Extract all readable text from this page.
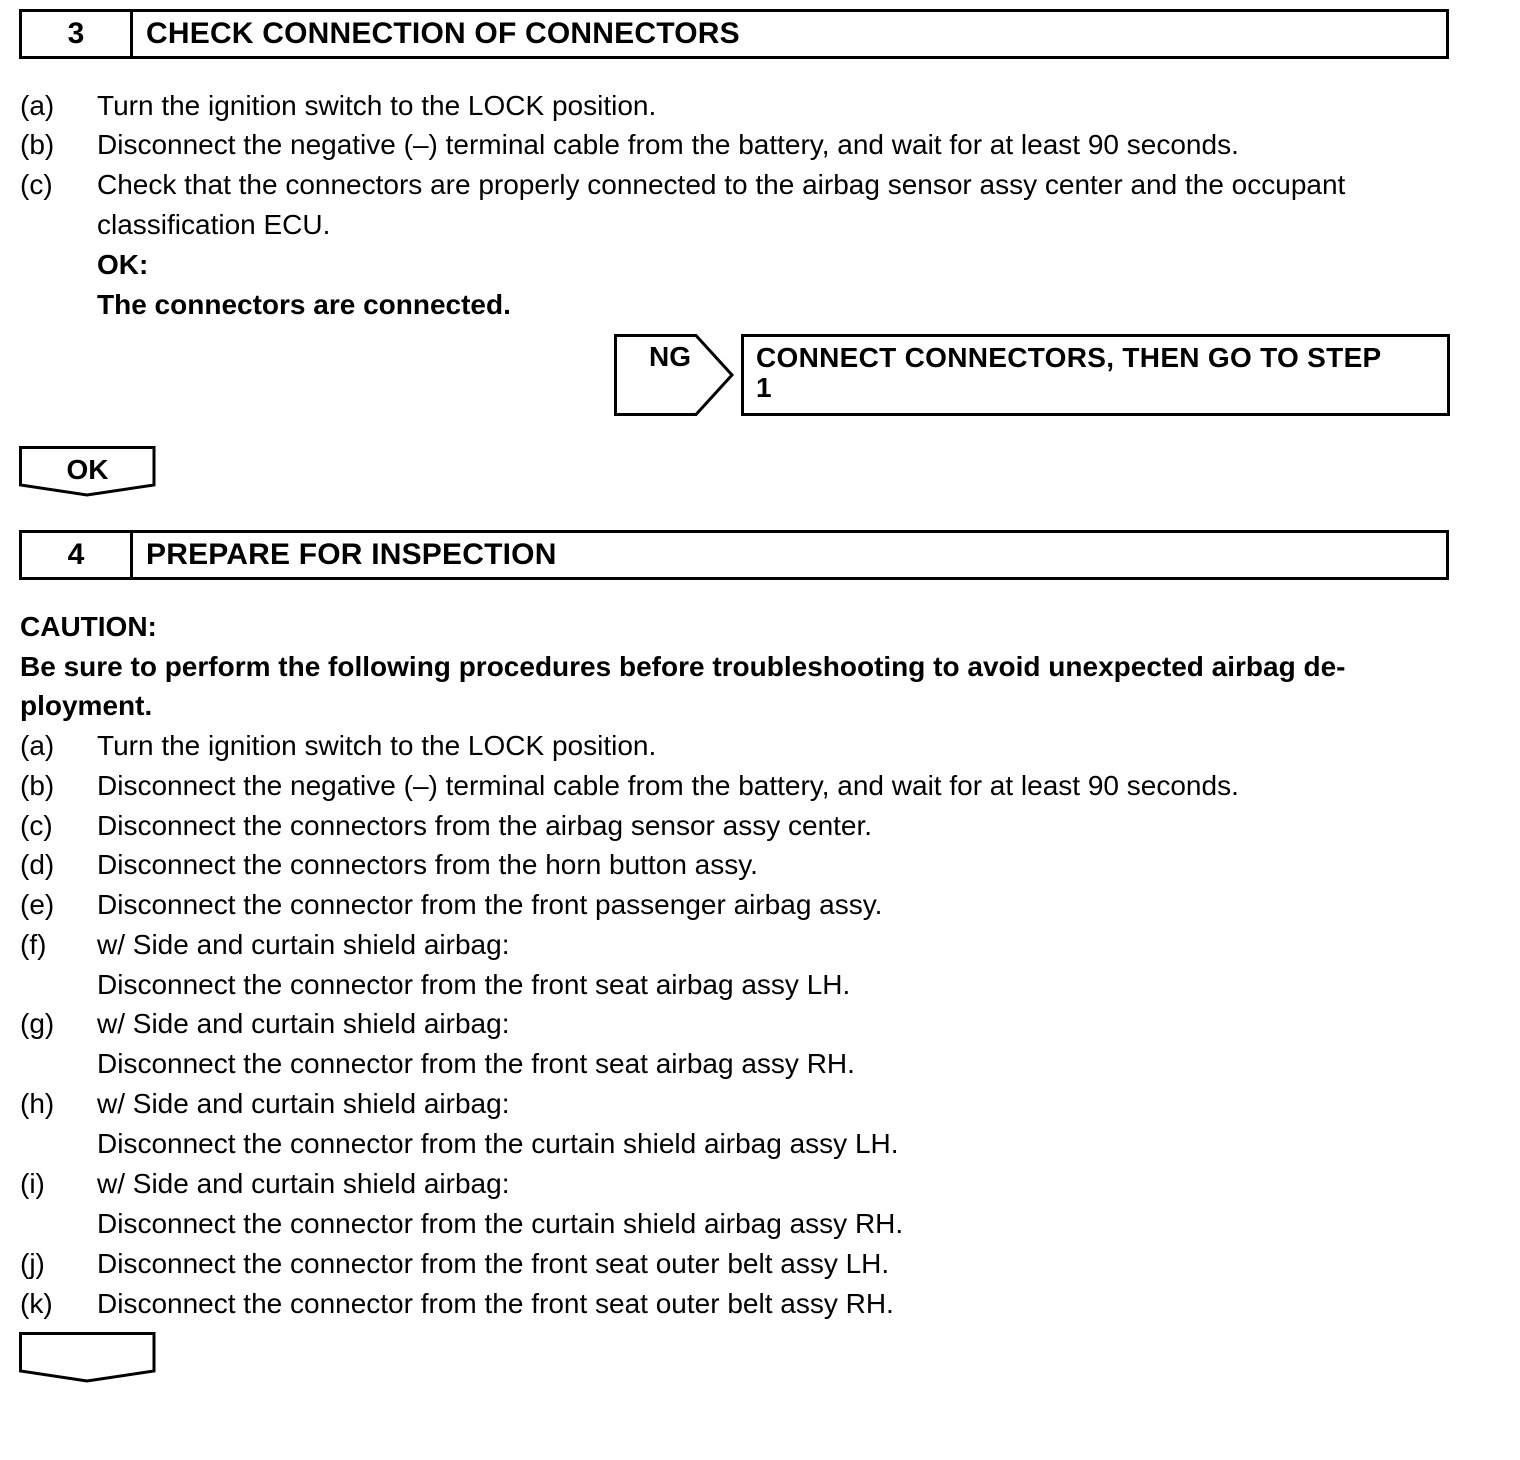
3	CHECK CONNECTION OF CONNECTORS
(a) Turn the ignition switch to the LOCK position.
(b) Disconnect the negative (–) terminal cable from the battery, and wait for at least 90 seconds.
(c) Check that the connectors are properly connected to the airbag sensor assy center and the occupant
classification ECU.
OK:
The connectors are connected.
NG	CONNECT CONNECTORS, THEN GO TO STEP
1
OK
4	PREPARE FOR INSPECTION
CAUTION:
Be sure to perform the following procedures before troubleshooting to avoid unexpected airbag de-
ployment.
(a) Turn the ignition switch to the LOCK position.
(b) Disconnect the negative (–) terminal cable from the battery, and wait for at least 90 seconds.
(c) Disconnect the connectors from the airbag sensor assy center.
(d) Disconnect the connectors from the horn button assy.
(e) Disconnect the connector from the front passenger airbag assy.
(f) w/ Side and curtain shield airbag:
Disconnect the connector from the front seat airbag assy LH.
(g) w/ Side and curtain shield airbag:
Disconnect the connector from the front seat airbag assy RH.
(h) w/ Side and curtain shield airbag:
Disconnect the connector from the curtain shield airbag assy LH.
(i) w/ Side and curtain shield airbag:
Disconnect the connector from the curtain shield airbag assy RH.
(j) Disconnect the connector from the front seat outer belt assy LH.
(k) Disconnect the connector from the front seat outer belt assy RH.
